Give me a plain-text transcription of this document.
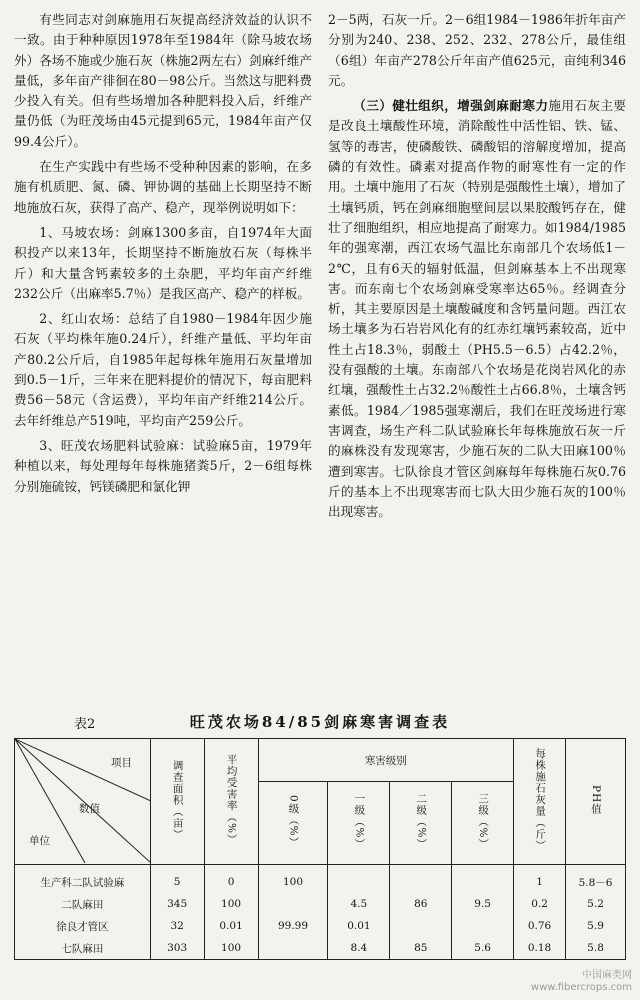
有些同志对剑麻施用石灰提高经济效益的认识不一致。由于种种原因1978年至1984年（除马坡农场外）各场不施或少施石灰（株施2两左右）剑麻纤维产量低，多年亩产徘徊在80－98公斤。当然这与肥料费少投入有关。但有些场增加各种肥料投入后，纤维产量仍低（为旺茂场由45元提到65元，1984年亩产仅99.4公斤）。

在生产实践中有些场不受种种因素的影响，在多施有机质肥、氮、磷、钾协调的基础上长期坚持不断地施放石灰，获得了高产、稳产，现举例说明如下：

1、马坡农场：剑麻1300多亩，自1974年大面积投产以来13年，长期坚持不断施放石灰（每株半斤）和大量含钙素较多的土杂肥，平均年亩产纤维232公斤（出麻率5.7％）是我区高产、稳产的样板。

2、红山农场：总结了自1980－1984年因少施石灰（平均株年施0.24斤），纤维产量低、平均年亩产80.2公斤后，自1985年起每株年施用石灰量增加到0.5－1斤，三年来在肥料提价的情况下，每亩肥料费56－58元（含运费），平均年亩产纤维214公斤。去年纤维总产519吨，平均亩产259公斤。

3、旺茂农场肥料试验麻：试验麻5亩，1979年种植以来，每处理每年每株施猪粪5斤，2－6组每株分别施硫铵，钙镁磷肥和氯化钾

2－5两，石灰一斤。2－6组1984－1986年折年亩产分别为240、238、252、232、278公斤，最佳组（6组）年亩产278公斤年亩产值625元，亩纯利346元。

（三）健壮组织，增强剑麻耐寒力施用石灰主要是改良土壤酸性环境，消除酸性中活性铝、铁、锰、氢等的毒害，使磷酸铁、磷酸铝的溶解度增加，提高磷的有效性。磷素对提高作物的耐寒性有一定的作用。土壤中施用了石灰（特别是强酸性土壤），增加了土壤钙质，钙在剑麻细胞壁间层以果胶酸钙存在，健壮了细胞组织，相应地提高了耐寒力。如1984/1985年的强寒潮，西江农场气温比东南部几个农场低1－2℃，且有6天的辐射低温，但剑麻基本上不出现寒害。而东南七个农场剑麻受寒率达65％。经调查分析，其主要原因是土壤酸碱度和含钙量问题。西江农场土壤多为石岩岩风化有的红赤红壤钙素较高，近中性土占18.3％，弱酸土（PH5.5－6.5）占42.2％，没有强酸的土壤。东南部八个农场是花岗岩风化的赤红壤，强酸性土占32.2％酸性土占66.8％，土壤含钙素低。1984／1985强寒潮后，我们在旺茂场进行寒害调查，场生产科二队试验麻长年每株施放石灰一斤的麻株没有发现寒害，少施石灰的二队大田麻100％遭到寒害。七队徐良才管区剑麻每年每株施石灰0.76斤的基本上不出现寒害而七队大田少施石灰的100％出现寒害。

旺茂农场84/85剑麻寒害调查表
表2
项目
数值
单位	调查面积（亩）	平均受害率（%）	寒害级别				每株施石灰量（斤）	PH值
			0级（%）	一级（%）	二级（%）	三级（%）		
生产科二队试验麻	5	0	100				1	5.8－6
二队麻田	345	100		4.5	86	9.5	0.2	5.2
徐良才管区	32	0.01	99.99	0.01			0.76	5.9
七队麻田	303	100		8.4	85	5.6	0.18	5.8
中国麻类网
www.fibercrops.com
